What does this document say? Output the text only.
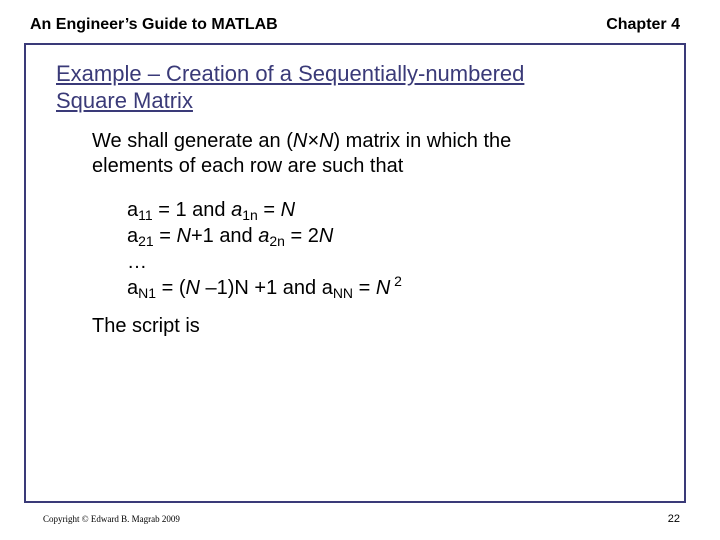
An Engineer’s Guide to MATLAB	Chapter 4
Example – Creation of a Sequentially-numbered
Square Matrix
We shall generate an (N×N) matrix in which the
elements of each row are such that
$a_{11} = 1$ and $a_{1n} = N$
$a_{21} = N+1$ and $a_{2n} = 2N$
…
$a_{N1} = (N$ –1)N +1 and $a_{NN} = N$ $^2$
The script is
Copyright © Edward B. Magrab 2009	22
